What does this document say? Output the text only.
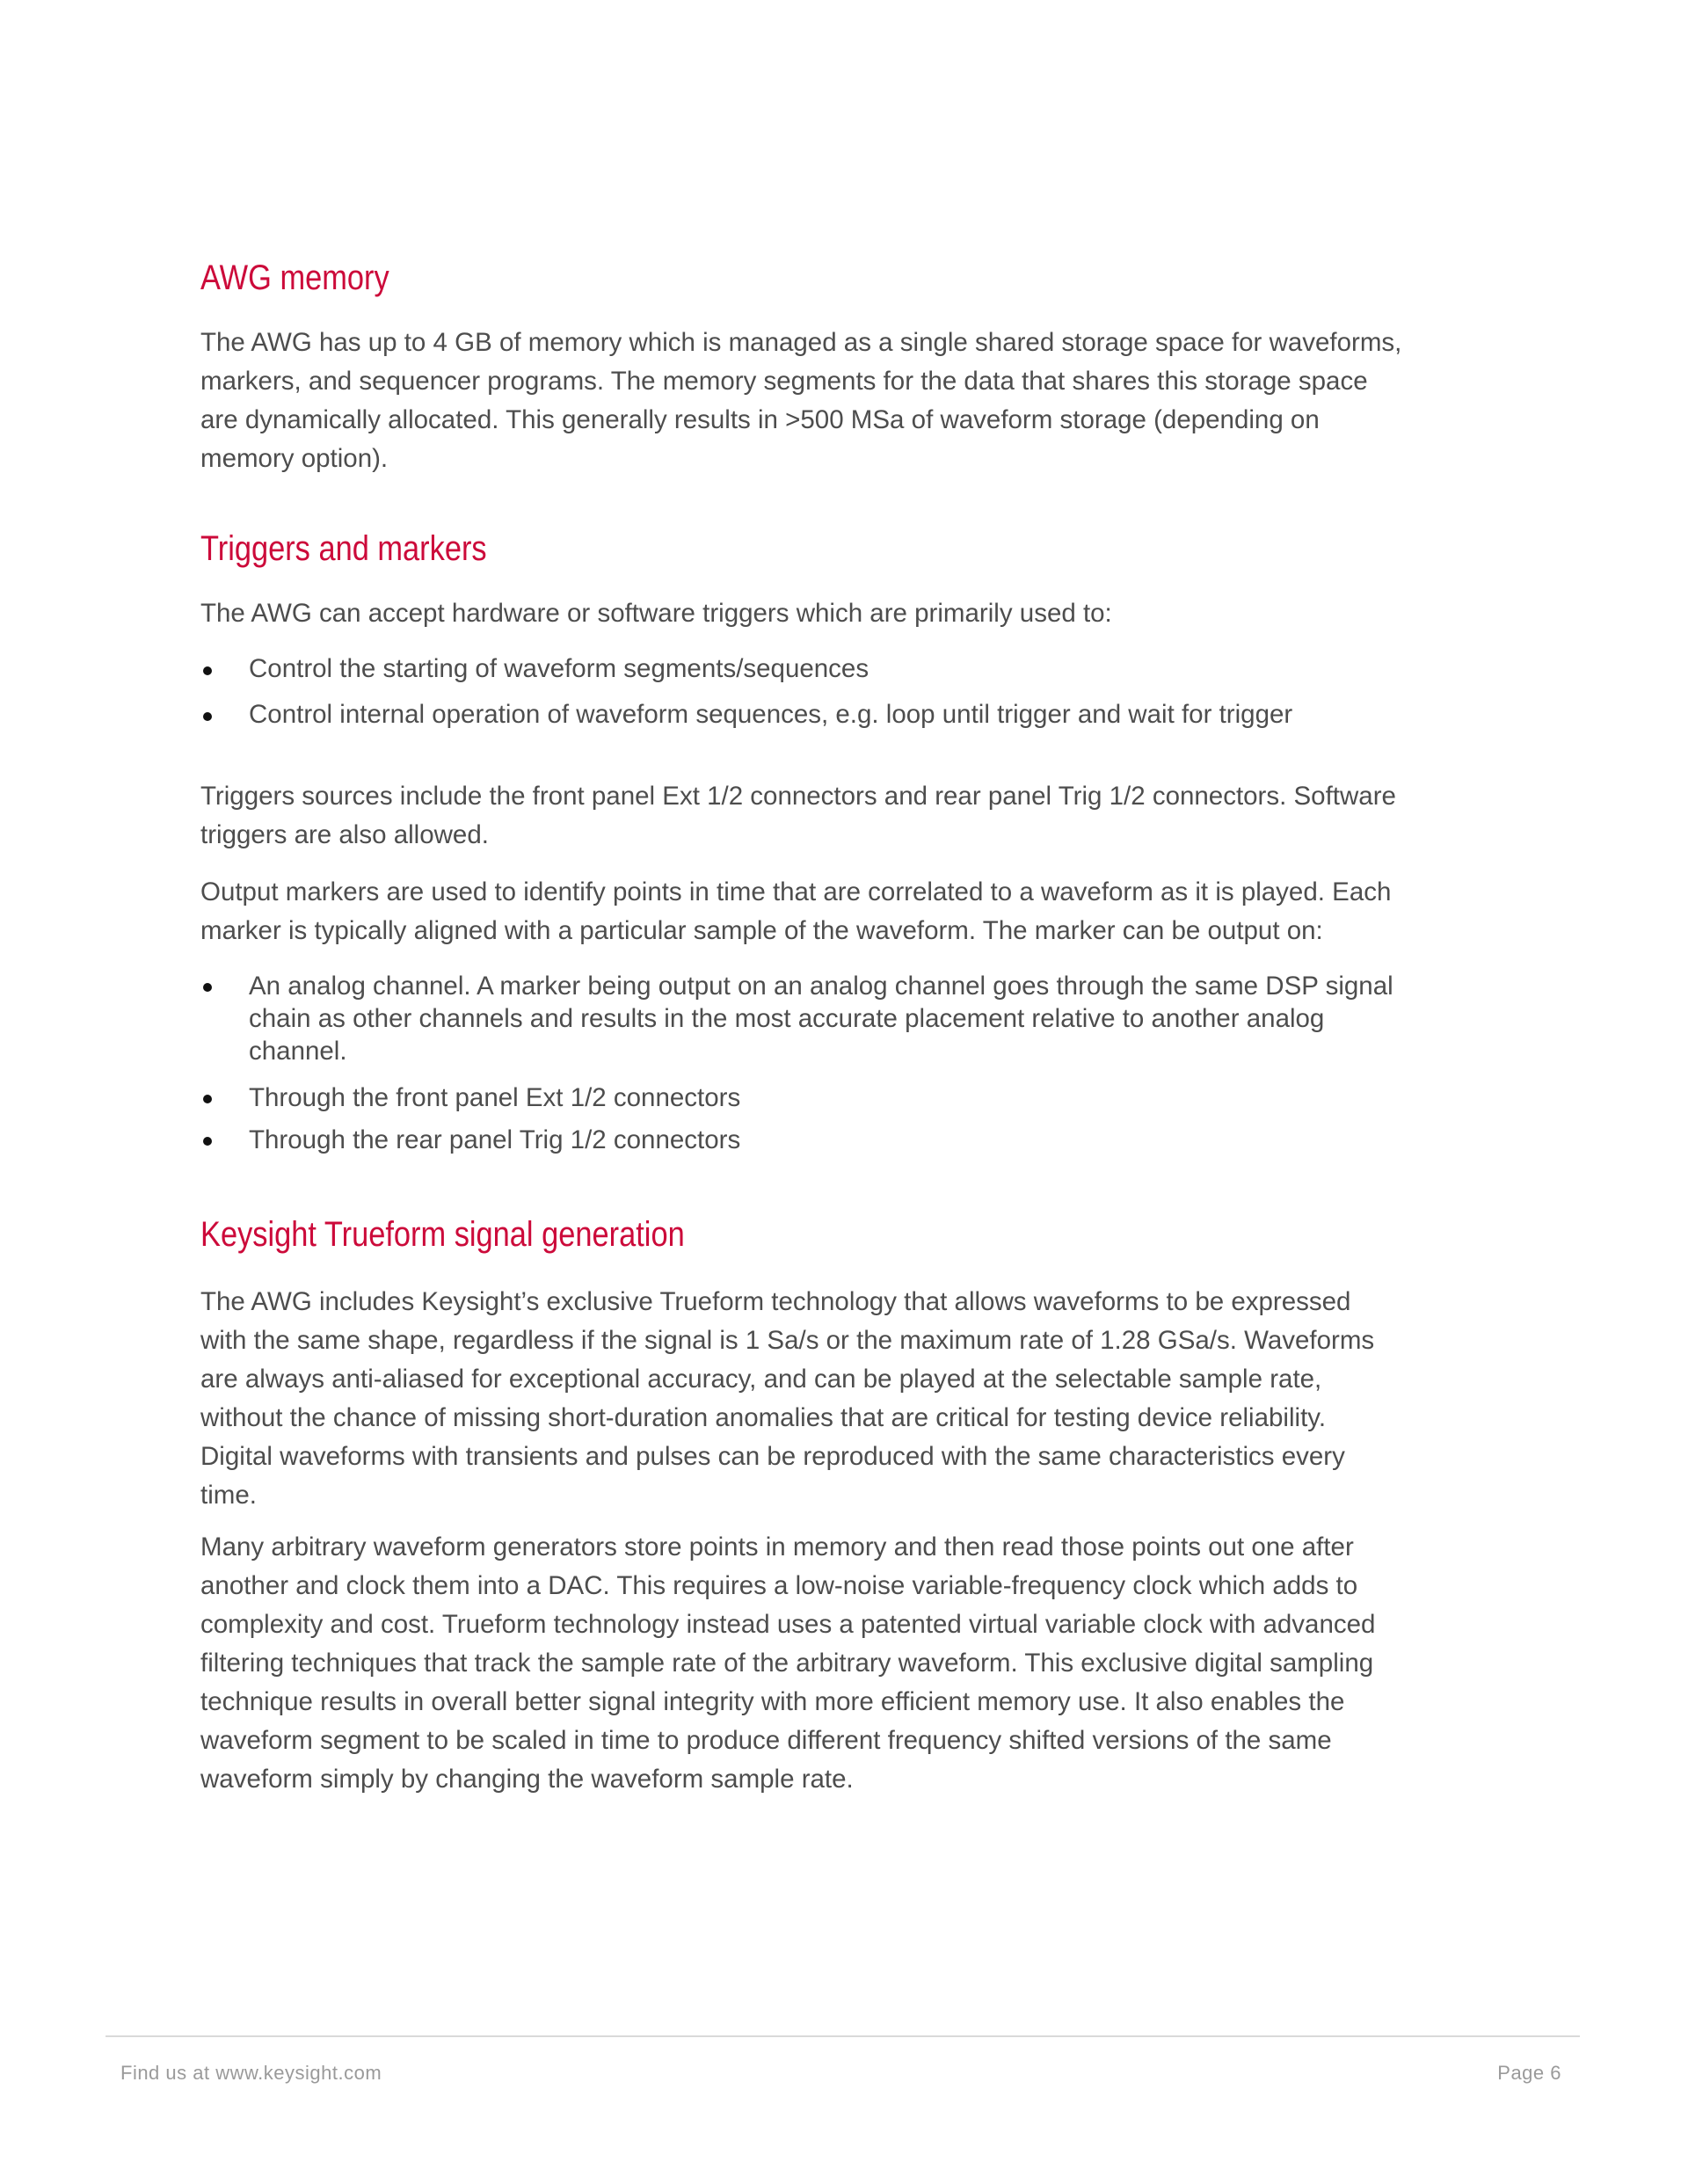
AWG memory

The AWG has up to 4 GB of memory which is managed as a single shared storage space for waveforms,
markers, and sequencer programs. The memory segments for the data that shares this storage space
are dynamically allocated. This generally results in >500 MSa of waveform storage (depending on
memory option).

Triggers and markers

The AWG can accept hardware or software triggers which are primarily used to:

Control the starting of waveform segments/sequences
Control internal operation of waveform sequences, e.g. loop until trigger and wait for trigger

Triggers sources include the front panel Ext 1/2 connectors and rear panel Trig 1/2 connectors. Software
triggers are also allowed.

Output markers are used to identify points in time that are correlated to a waveform as it is played. Each
marker is typically aligned with a particular sample of the waveform. The marker can be output on:

An analog channel. A marker being output on an analog channel goes through the same DSP signal
chain as other channels and results in the most accurate placement relative to another analog
channel.
Through the front panel Ext 1/2 connectors
Through the rear panel Trig 1/2 connectors
Keysight Trueform signal generation

The AWG includes Keysight’s exclusive Trueform technology that allows waveforms to be expressed
with the same shape, regardless if the signal is 1 Sa/s or the maximum rate of 1.28 GSa/s. Waveforms
are always anti-aliased for exceptional accuracy, and can be played at the selectable sample rate,
without the chance of missing short-duration anomalies that are critical for testing device reliability.
Digital waveforms with transients and pulses can be reproduced with the same characteristics every
time.

Many arbitrary waveform generators store points in memory and then read those points out one after
another and clock them into a DAC. This requires a low-noise variable-frequency clock which adds to
complexity and cost. Trueform technology instead uses a patented virtual variable clock with advanced
filtering techniques that track the sample rate of the arbitrary waveform. This exclusive digital sampling
technique results in overall better signal integrity with more efficient memory use. It also enables the
waveform segment to be scaled in time to produce different frequency shifted versions of the same
waveform simply by changing the waveform sample rate.

Find us at www.keysight.com	Page 6
